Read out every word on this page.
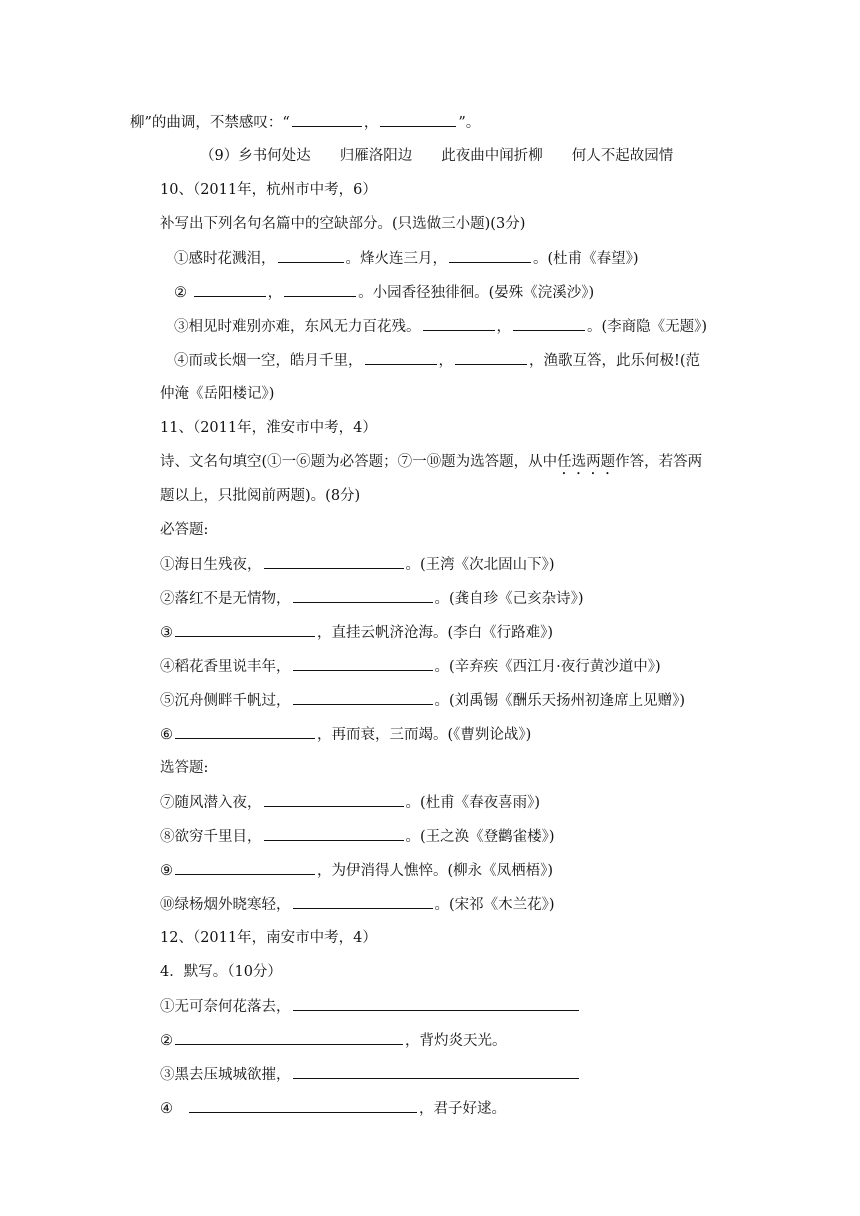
柳”的曲调，不禁感叹：“	，	”。
（9）乡书何处达　　归雁洛阳边　　此夜曲中闻折柳　　何人不起故园情
10、（2011年，杭州市中考，6）
补写出下列名句名篇中的空缺部分。(只选做三小题)(3分)
①感时花溅泪，	。烽火连三月，	。(杜甫《春望》)
②	，	。小园香径独徘徊。(晏殊《浣溪沙》)
③相见时难别亦难，东风无力百花残。	，	。(李商隐《无题》)
④而或长烟一空，皓月千里，	，	，渔歌互答，此乐何极!(范
仲淹《岳阳楼记》)
11、（2011年，淮安市中考，4）
诗、文名句填空(①一⑥题为必答题；⑦一⑩题为选答题，从中任选两题作答，若答两
题以上，只批阅前两题)。(8分)
必答题:
①海日生残夜，	。(王湾《次北固山下》)
②落红不是无情物，	。(龚自珍《己亥杂诗》)
③	，直挂云帆济沧海。(李白《行路难》)
④稻花香里说丰年，	。(辛弃疾《西江月·夜行黄沙道中》)
⑤沉舟侧畔千帆过，	。(刘禹锡《酬乐天扬州初逢席上见赠》)
⑥	，再而衰，三而竭。(《曹刿论战》)
选答题:
⑦随风潜入夜，	。(杜甫《春夜喜雨》)
⑧欲穷千里目，	。(王之涣《登鹳雀楼》)
⑨	，为伊消得人憔悴。(柳永《凤栖梧》)
⑩绿杨烟外晓寒轻，	。(宋祁《木兰花》)
12、（2011年，南安市中考，4）
4．默写。（10分）
①无可奈何花落去，
②	，背灼炎天光。
③黑去压城城欲摧，
④	，君子好逑。
